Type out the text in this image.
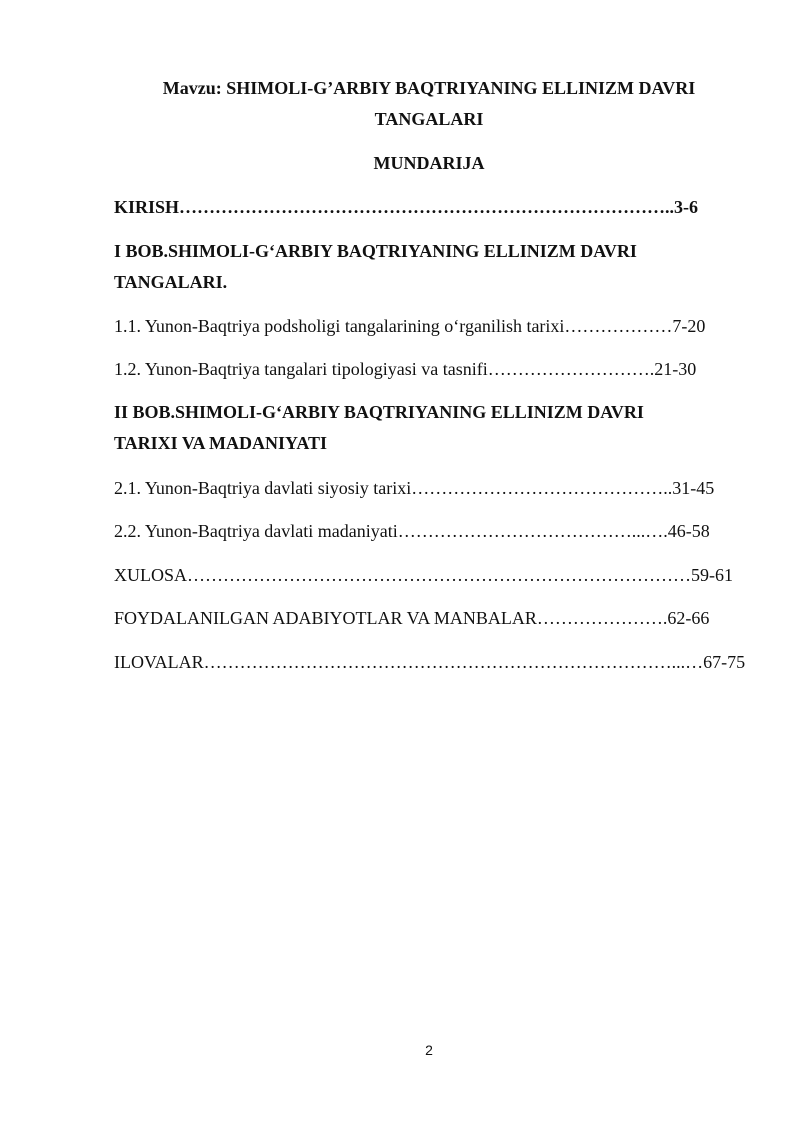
Mavzu: SHIMOLI-G’ARBIY BAQTRIYANING ELLINIZM DAVRI
TANGALARI
MUNDARIJA
KIRISH………………………………………………………………………..3-6
I BOB.SHIMOLI-G‘ARBIY BAQTRIYANING ELLINIZM DAVRI
TANGALARI.
1.1. Yunon-Baqtriya podsholigi tangalarining o‘rganilish tarixi………………7-20
1.2. Yunon-Baqtriya tangalari tipologiyasi va tasnifi……………………….21-30
II BOB.SHIMOLI-G‘ARBIY BAQTRIYANING ELLINIZM DAVRI
TARIXI VA MADANIYATI
2.1. Yunon-Baqtriya davlati siyosiy tarixi……………………………………..31-45
2.2. Yunon-Baqtriya davlati madaniyati…………………………………...….46-58
XULOSA…………………………………………………………………………59-61
FOYDALANILGAN ADABIYOTLAR VA MANBALAR………………….62-66
ILOVALAR……………………………………………………………………...…67-75
2
